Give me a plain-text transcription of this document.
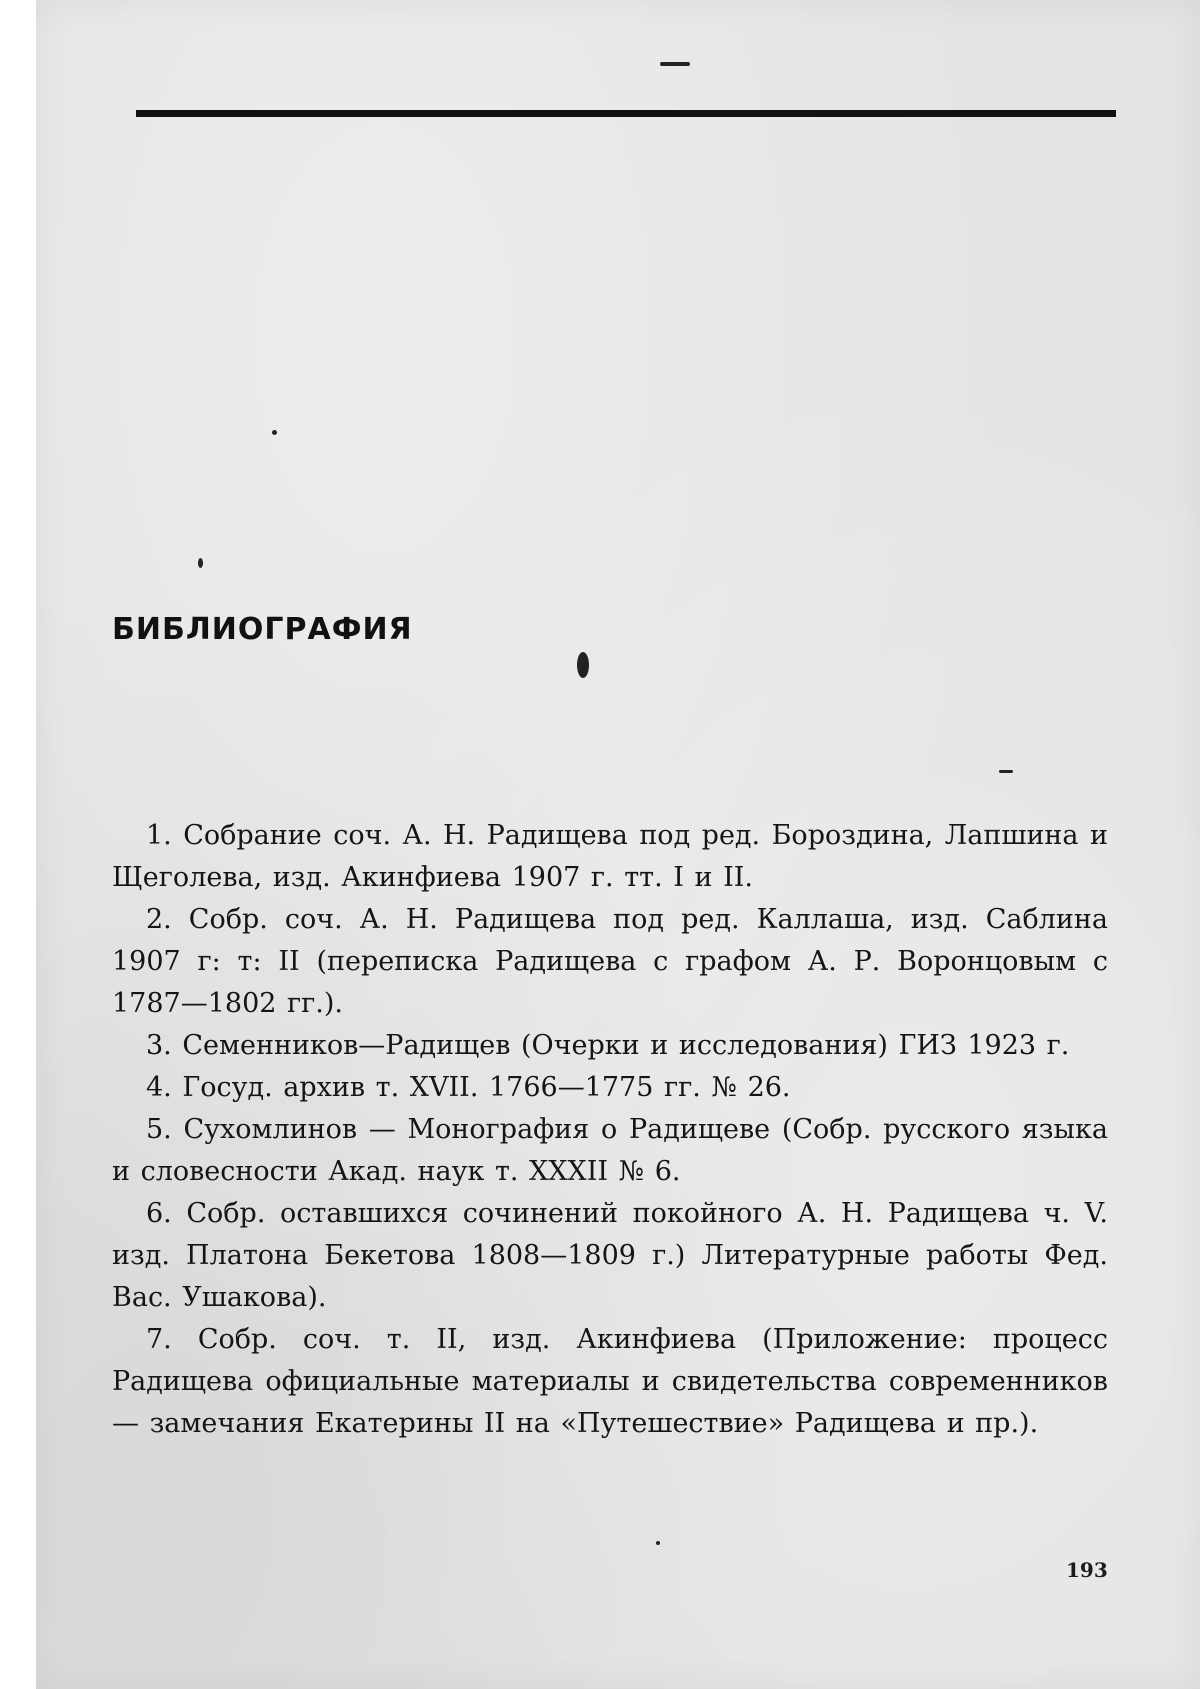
БИБЛИОГРАФИЯ
1. Собрание соч. А. Н. Радищева под ред. Бороздина, Лапшина и Щеголева, изд. Акинфиева 1907 г. тт. I и II.
2. Собр. соч. А. Н. Радищева под ред. Каллаша, изд. Саблина 1907 г: т: II (переписка Радищева с графом А. Р. Воронцовым с 1787—1802 гг.).
3. Семенников—Радищев (Очерки и исследования) ГИЗ 1923 г.
4. Госуд. архив т. XVII. 1766—1775 гг. № 26.
5. Сухомлинов — Монография о Радищеве (Собр. русского языка и словесности Акад. наук т. XXXII № 6.
6. Собр. оставшихся сочинений покойного А. Н. Радищева ч. V. изд. Платона Бекетова 1808—1809 г.) Литературные работы Фед. Вас. Ушакова).
7. Собр. соч. т. II, изд. Акинфиева (Приложение: процесс Радищева официальные материалы и свидетельства современников — замечания Екатерины II на «Путешествие» Радищева и пр.).
193
